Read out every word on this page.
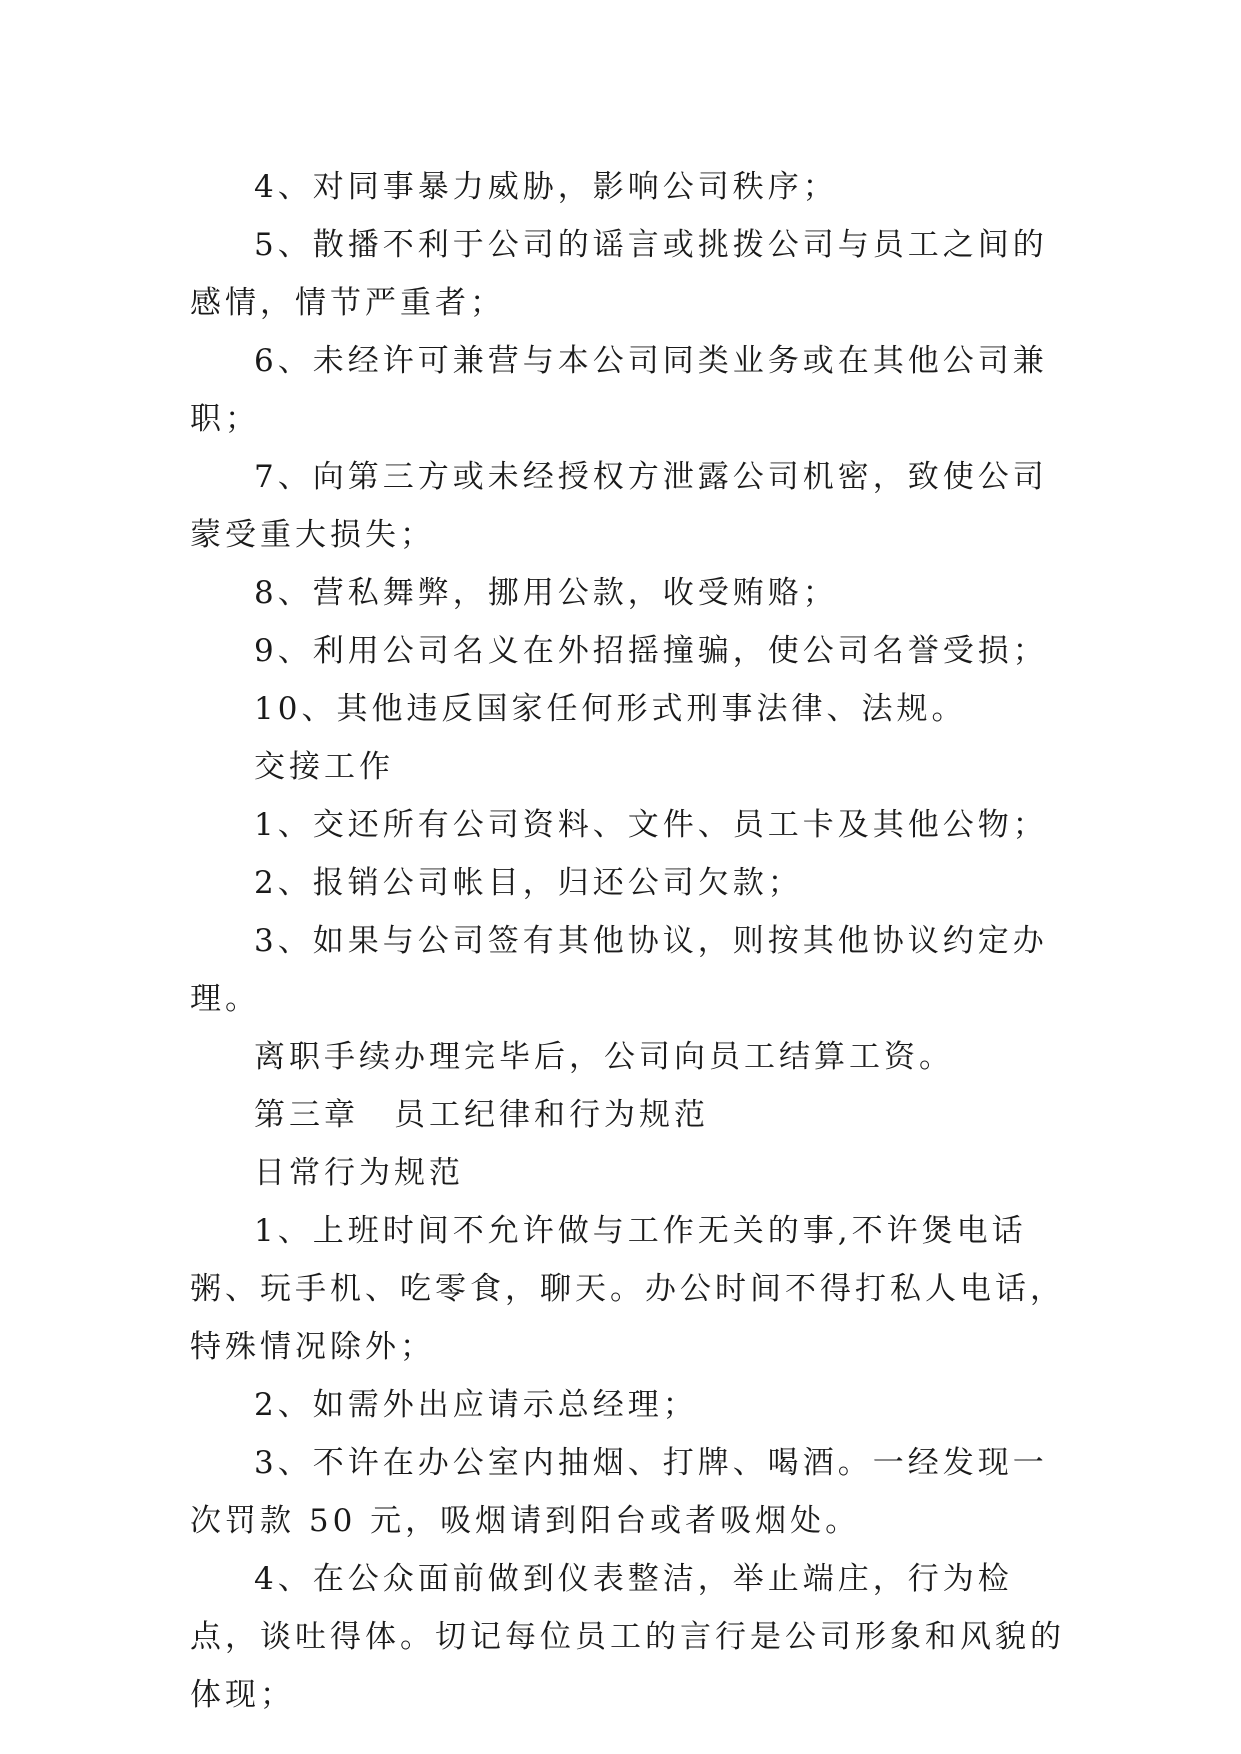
4、对同事暴力威胁，影响公司秩序；

5、散播不利于公司的谣言或挑拨公司与员工之间的感情，情节严重者；

6、未经许可兼营与本公司同类业务或在其他公司兼职；

7、向第三方或未经授权方泄露公司机密，致使公司蒙受重大损失；

8、营私舞弊，挪用公款，收受贿赂；

9、利用公司名义在外招摇撞骗，使公司名誉受损；

10、其他违反国家任何形式刑事法律、法规。

交接工作

1、交还所有公司资料、文件、员工卡及其他公物；

2、报销公司帐目，归还公司欠款；

3、如果与公司签有其他协议，则按其他协议约定办理。

离职手续办理完毕后，公司向员工结算工资。

第三章　员工纪律和行为规范

日常行为规范

1、上班时间不允许做与工作无关的事,不许煲电话粥、玩手机、吃零食，聊天。办公时间不得打私人电话，特殊情况除外；

2、如需外出应请示总经理；

3、不许在办公室内抽烟、打牌、喝酒。一经发现一次罚款 50 元，吸烟请到阳台或者吸烟处。

4、在公众面前做到仪表整洁，举止端庄，行为检点，谈吐得体。切记每位员工的言行是公司形象和风貌的体现；
